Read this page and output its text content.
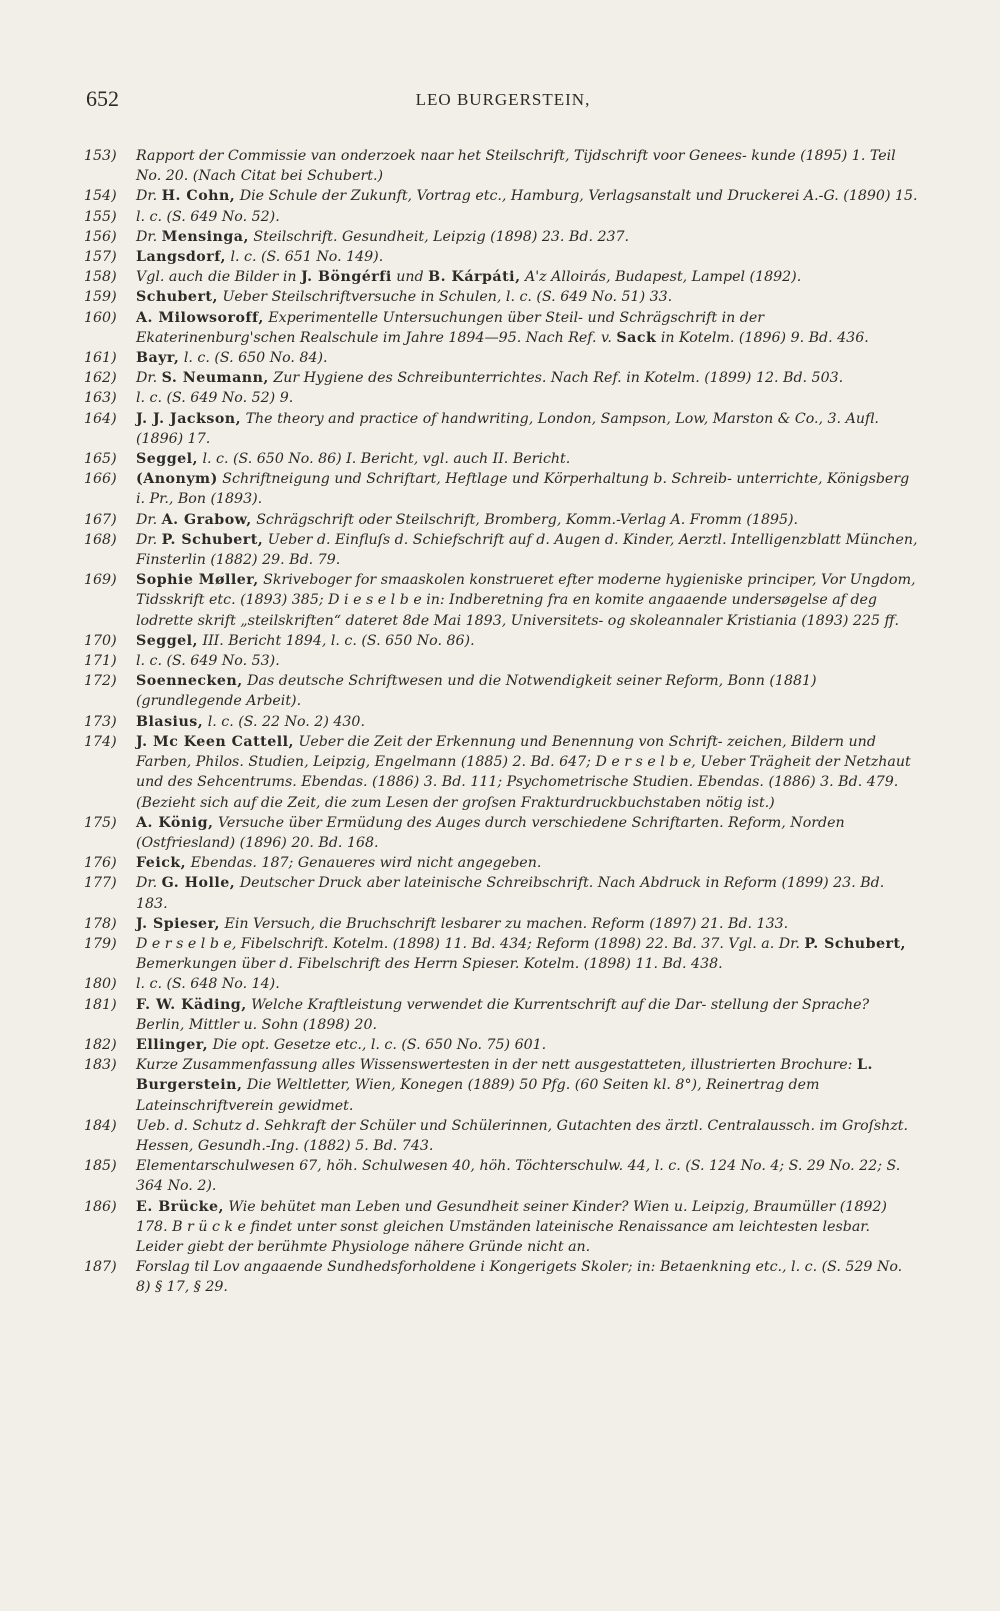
652	LEO BURGERSTEIN,
153) Rapport der Commissie van onderzoek naar het Steilschrift, Tijdschrift voor Genees- kunde (1895) 1. Teil No. 20. (Nach Citat bei Schubert.)
154) Dr. H. Cohn, Die Schule der Zukunft, Vortrag etc., Hamburg, Verlagsanstalt und Druckerei A.-G. (1890) 15.
155) l. c. (S. 649 No. 52).
156) Dr. Mensinga, Steilschrift. Gesundheit, Leipzig (1898) 23. Bd. 237.
157) Langsdorf, l. c. (S. 651 No. 149).
158) Vgl. auch die Bilder in J. Böngérfi und B. Kárpáti, A'z Alloirás, Budapest, Lampel (1892).
159) Schubert, Ueber Steilschriftversuche in Schulen, l. c. (S. 649 No. 51) 33.
160) A. Milowsoroff, Experimentelle Untersuchungen über Steil- und Schrägschrift in der Ekaterinenburg'schen Realschule im Jahre 1894—95. Nach Ref. v. Sack in Kotelm. (1896) 9. Bd. 436.
161) Bayr, l. c. (S. 650 No. 84).
162) Dr. S. Neumann, Zur Hygiene des Schreibunterrichtes. Nach Ref. in Kotelm. (1899) 12. Bd. 503.
163) l. c. (S. 649 No. 52) 9.
164) J. J. Jackson, The theory and practice of handwriting, London, Sampson, Low, Marston & Co., 3. Aufl. (1896) 17.
165) Seggel, l. c. (S. 650 No. 86) I. Bericht, vgl. auch II. Bericht.
166) (Anonym) Schriftneigung und Schriftart, Heftlage und Körperhaltung b. Schreib- unterrichte, Königsberg i. Pr., Bon (1893).
167) Dr. A. Grabow, Schrägschrift oder Steilschrift, Bromberg, Komm.-Verlag A. Fromm (1895).
168) Dr. P. Schubert, Ueber d. Einfluſs d. Schiefschrift auf d. Augen d. Kinder, Aerztl. Intelligenzblatt München, Finsterlin (1882) 29. Bd. 79.
169) Sophie Møller, Skriveboger for smaaskolen konstrueret efter moderne hygieniske principer, Vor Ungdom, Tidsskrift etc. (1893) 385; D i e s e l b e in: Indberetning fra en komite angaaende undersøgelse af deg lodrette skrift „steilskriften“ dateret 8de Mai 1893, Universitets- og skoleannaler Kristiania (1893) 225 ff.
170) Seggel, III. Bericht 1894, l. c. (S. 650 No. 86).
171) l. c. (S. 649 No. 53).
172) Soennecken, Das deutsche Schriftwesen und die Notwendigkeit seiner Reform, Bonn (1881) (grundlegende Arbeit).
173) Blasius, l. c. (S. 22 No. 2) 430.
174) J. Mc Keen Cattell, Ueber die Zeit der Erkennung und Benennung von Schrift- zeichen, Bildern und Farben, Philos. Studien, Leipzig, Engelmann (1885) 2. Bd. 647; D e r s e l b e, Ueber Trägheit der Netzhaut und des Sehcentrums. Ebendas. (1886) 3. Bd. 111; Psychometrische Studien. Ebendas. (1886) 3. Bd. 479. (Bezieht sich auf die Zeit, die zum Lesen der groſsen Frakturdruckbuchstaben nötig ist.)
175) A. König, Versuche über Ermüdung des Auges durch verschiedene Schriftarten. Reform, Norden (Ostfriesland) (1896) 20. Bd. 168.
176) Feick, Ebendas. 187; Genaueres wird nicht angegeben.
177) Dr. G. Holle, Deutscher Druck aber lateinische Schreibschrift. Nach Abdruck in Reform (1899) 23. Bd. 183.
178) J. Spieser, Ein Versuch, die Bruchschrift lesbarer zu machen. Reform (1897) 21. Bd. 133.
179) D e r s e l b e, Fibelschrift. Kotelm. (1898) 11. Bd. 434; Reform (1898) 22. Bd. 37. Vgl. a. Dr. P. Schubert, Bemerkungen über d. Fibelschrift des Herrn Spieser. Kotelm. (1898) 11. Bd. 438.
180) l. c. (S. 648 No. 14).
181) F. W. Käding, Welche Kraftleistung verwendet die Kurrentschrift auf die Dar- stellung der Sprache? Berlin, Mittler u. Sohn (1898) 20.
182) Ellinger, Die opt. Gesetze etc., l. c. (S. 650 No. 75) 601.
183) Kurze Zusammenfassung alles Wissenswertesten in der nett ausgestatteten, illustrierten Brochure: L. Burgerstein, Die Weltletter, Wien, Konegen (1889) 50 Pfg. (60 Seiten kl. 8°), Reinertrag dem Lateinschriftverein gewidmet.
184) Ueb. d. Schutz d. Sehkraft der Schüler und Schülerinnen, Gutachten des ärztl. Centralaussch. im Groſshzt. Hessen, Gesundh.-Ing. (1882) 5. Bd. 743.
185) Elementarschulwesen 67, höh. Schulwesen 40, höh. Töchterschulw. 44, l. c. (S. 124 No. 4; S. 29 No. 22; S. 364 No. 2).
186) E. Brücke, Wie behütet man Leben und Gesundheit seiner Kinder? Wien u. Leipzig, Braumüller (1892) 178. B r ü c k e findet unter sonst gleichen Umständen lateinische Renaissance am leichtesten lesbar. Leider giebt der berühmte Physiologe nähere Gründe nicht an.
187) Forslag til Lov angaaende Sundhedsforholdene i Kongerigets Skoler; in: Betaenkning etc., l. c. (S. 529 No. 8) § 17, § 29.
